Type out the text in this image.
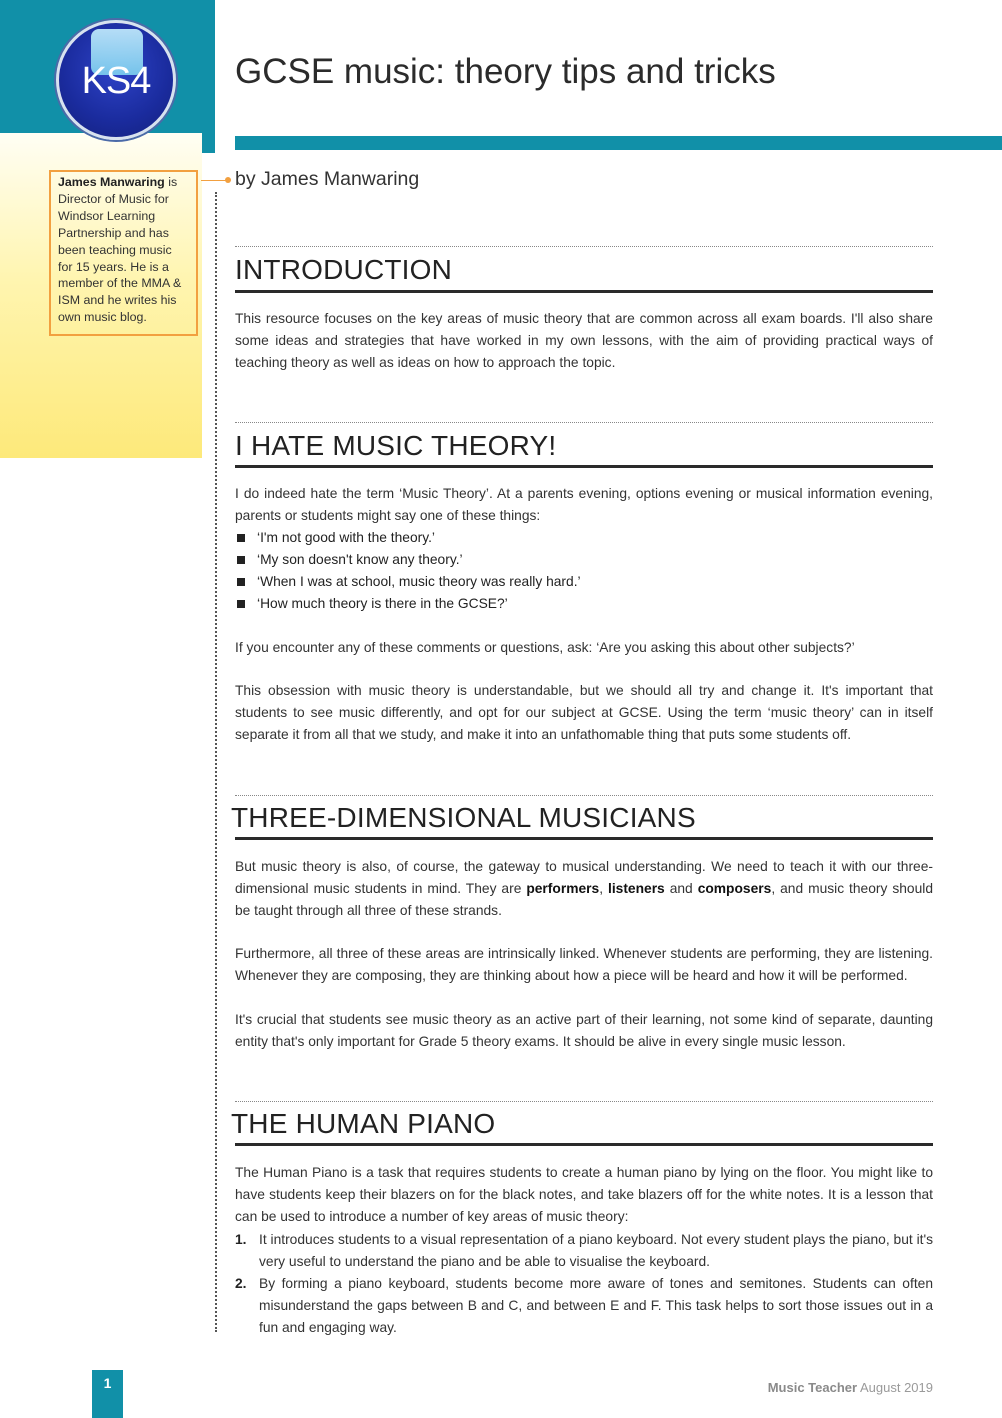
KS4
James Manwaring is Director of Music for Windsor Learning Partnership and has been teaching music for 15 years. He is a member of the MMA & ISM and he writes his own music blog.
GCSE music: theory tips and tricks
by James Manwaring
INTRODUCTION

This resource focuses on the key areas of music theory that are common across all exam boards. I'll also share some ideas and strategies that have worked in my own lessons, with the aim of providing practical ways of teaching theory as well as ideas on how to approach the topic.

I HATE MUSIC THEORY!

I do indeed hate the term ‘Music Theory’. At a parents evening, options evening or musical information evening, parents or students might say one of these things:

‘I'm not good with the theory.’
‘My son doesn't know any theory.’
‘When I was at school, music theory was really hard.’
‘How much theory is there in the GCSE?’

If you encounter any of these comments or questions, ask: ‘Are you asking this about other subjects?’

This obsession with music theory is understandable, but we should all try and change it. It's important that students to see music differently, and opt for our subject at GCSE. Using the term ‘music theory’ can in itself separate it from all that we study, and make it into an unfathomable thing that puts some students off.

THREE-DIMENSIONAL MUSICIANS

But music theory is also, of course, the gateway to musical understanding. We need to teach it with our three-dimensional music students in mind. They are performers, listeners and composers, and music theory should be taught through all three of these strands.

Furthermore, all three of these areas are intrinsically linked. Whenever students are performing, they are listening. Whenever they are composing, they are thinking about how a piece will be heard and how it will be performed.

It's crucial that students see music theory as an active part of their learning, not some kind of separate, daunting entity that's only important for Grade 5 theory exams. It should be alive in every single music lesson.

THE HUMAN PIANO

The Human Piano is a task that requires students to create a human piano by lying on the floor. You might like to have students keep their blazers on for the black notes, and take blazers off for the white notes. It is a lesson that can be used to introduce a number of key areas of music theory:

1. It introduces students to a visual representation of a piano keyboard. Not every student plays the piano, but it's very useful to understand the piano and be able to visualise the keyboard.
2. By forming a piano keyboard, students become more aware of tones and semitones. Students can often misunderstand the gaps between B and C, and between E and F. This task helps to sort those issues out in a fun and engaging way.
1	Music Teacher August 2019
